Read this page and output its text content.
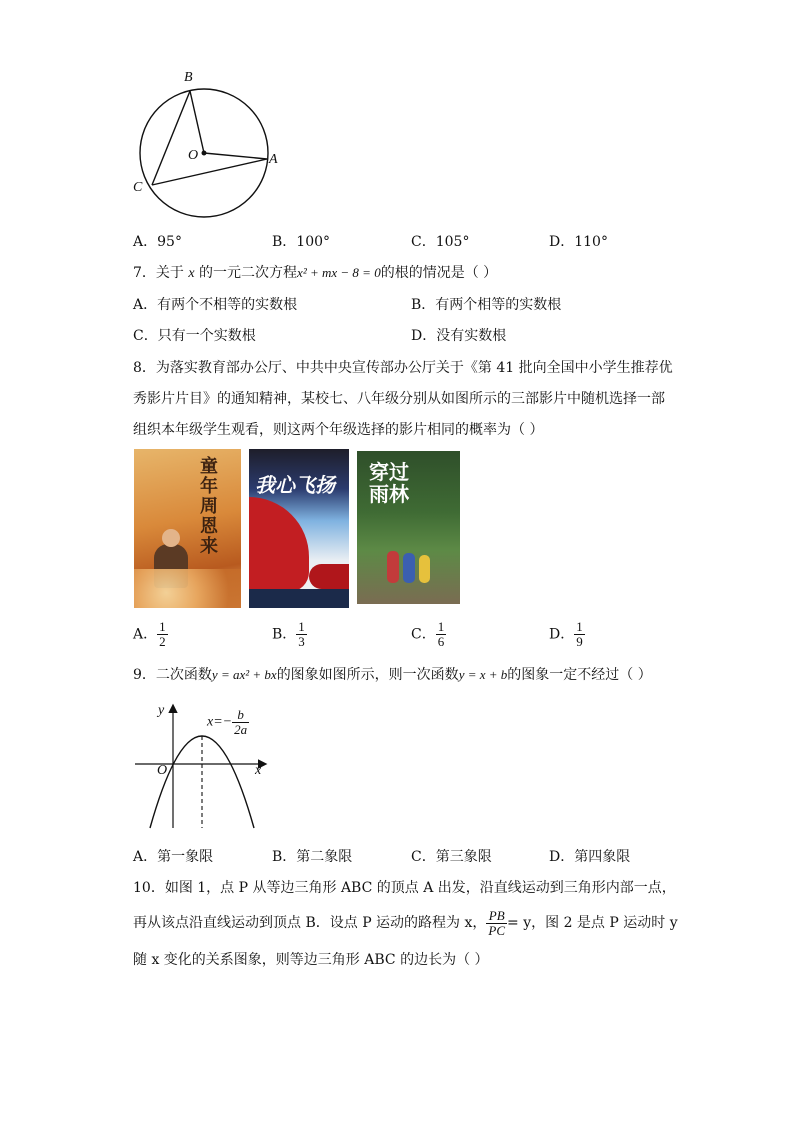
B
O	A
C
A．95°	B．100°	C．105°	D．110°
7．关于 x 的一元二次方程x² + mx − 8 = 0的根的情况是（ ）
A．有两个不相等的实数根	B．有两个相等的实数根
C．只有一个实数根	D．没有实数根
8．为落实教育部办公厅、中共中央宣传部办公厅关于《第 41 批向全国中小学生推荐优
秀影片片目》的通知精神，某校七、八年级分别从如图所示的三部影片中随机选择一部
组织本年级学生观看，则这两个年级选择的影片相同的概率为（ ）
童年周恩来
我心飞扬
穿过雨林
A． $\frac{1}{2}$	B． $\frac{1}{3}$	C． $\frac{1}{6}$	D． $\frac{1}{9}$
9．二次函数y = ax² + bx的图象如图所示，则一次函数y = x + b的图象一定不经过（ ）
y
x
O
$x=- \frac{b}{2a}$
A．第一象限	B．第二象限	C．第三象限	D．第四象限
10．如图 1，点 P 从等边三角形 ABC 的顶点 A 出发，沿直线运动到三角形内部一点，
再从该点沿直线运动到顶点 B．设点 P 运动的路程为 x， $\frac{PB}{PC} = y$，图 2 是点 P 运动时 y
随 x 变化的关系图象，则等边三角形 ABC 的边长为（ ）
